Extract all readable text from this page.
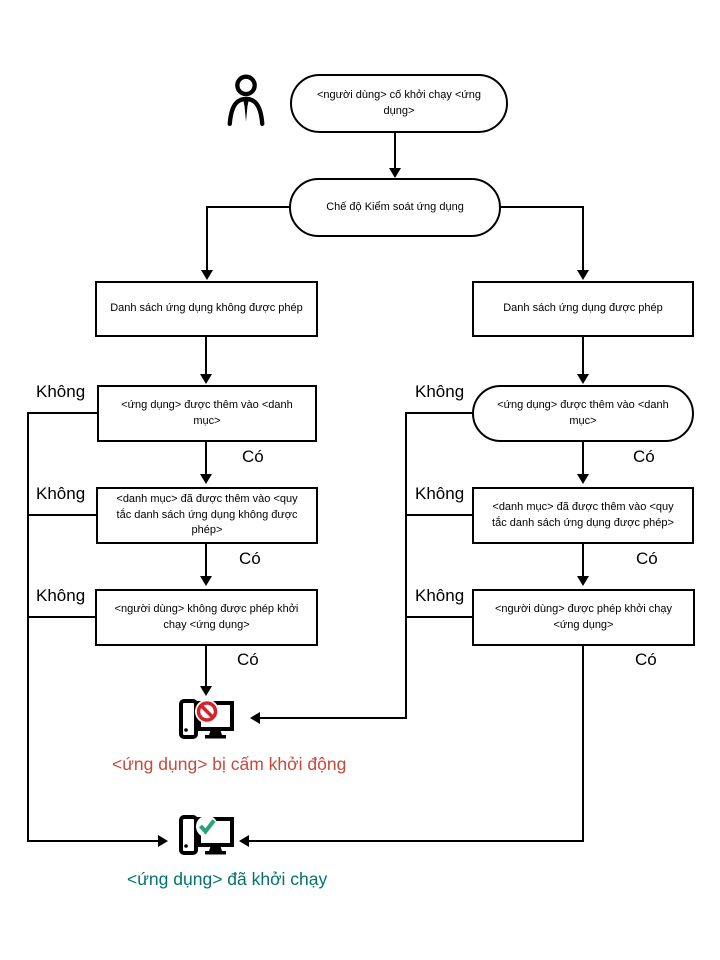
<người dùng> cố khởi chạy <ứng dụng>
Chế độ Kiểm soát ứng dụng
Danh sách ứng dụng không được phép	Danh sách ứng dụng được phép
<ứng dụng> được thêm vào <danh mục>
<ứng dụng> được thêm vào <danh mục>
<danh mục> đã được thêm vào <quy tắc danh sách ứng dụng không được phép>
<danh mục> đã được thêm vào <quy tắc danh sách ứng dụng được phép>
<người dùng> không được phép khởi chạy <ứng dụng>
<người dùng> được phép khởi chạy <ứng dụng>
Không
Không
Không
Không
Không
Không
Có
Có
Có
Có
Có
Có
<ứng dụng> bị cấm khởi động
<ứng dụng> đã khởi chạy
